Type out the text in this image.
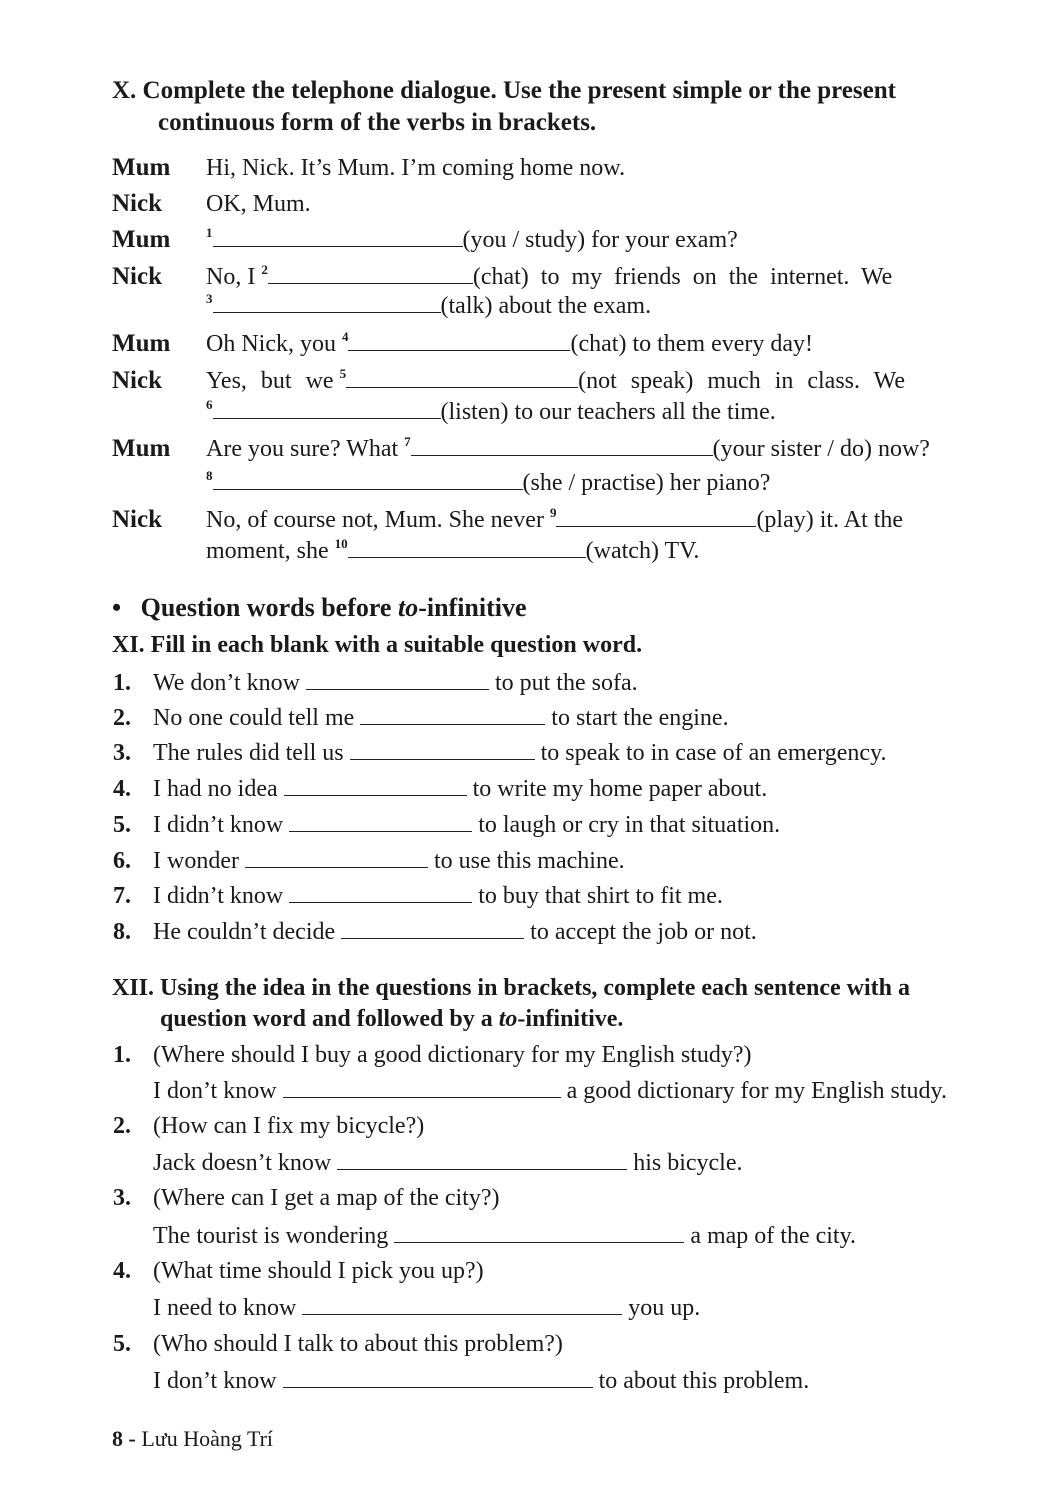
X. Complete the telephone dialogue. Use the present simple or the present
continuous form of the verbs in brackets.
Mum Hi, Nick. It’s Mum. I’m coming home now.
Nick OK, Mum.
Mum	$^1$	(you / study) for your exam?
Nick No, I $^2$	(chat) to my friends on the internet. We
$^3$	(talk) about the exam.
Mum Oh Nick, you $^4$	(chat) to them every day!
Nick Yes, but we $^5$	(not speak) much in class. We
$^6$	(listen) to our teachers all the time.
Mum Are you sure? What $^7$	(your sister / do) now?
$^8$	(she / practise) her piano?
Nick No, of course not, Mum. She never $^9$	(play) it. At the
moment, she $^{10}$	(watch) TV.
• Question words before to-infinitive
XI. Fill in each blank with a suitable question word.
1. We don’t know	to put the sofa.
2. No one could tell me	to start the engine.
3. The rules did tell us	to speak to in case of an emergency.
4. I had no idea	to write my home paper about.
5. I didn’t know	to laugh or cry in that situation.
6. I wonder	to use this machine.
7. I didn’t know	to buy that shirt to fit me.
8. He couldn’t decide	to accept the job or not.
XII. Using the idea in the questions in brackets, complete each sentence with a
question word and followed by a to-infinitive.
1. (Where should I buy a good dictionary for my English study?)
I don’t know	a good dictionary for my English study.
2. (How can I fix my bicycle?)
Jack doesn’t know	his bicycle.
3. (Where can I get a map of the city?)
The tourist is wondering	a map of the city.
4. (What time should I pick you up?)
I need to know	you up.
5. (Who should I talk to about this problem?)
I don’t know	to about this problem.
8 - Lưu Hoàng Trí
